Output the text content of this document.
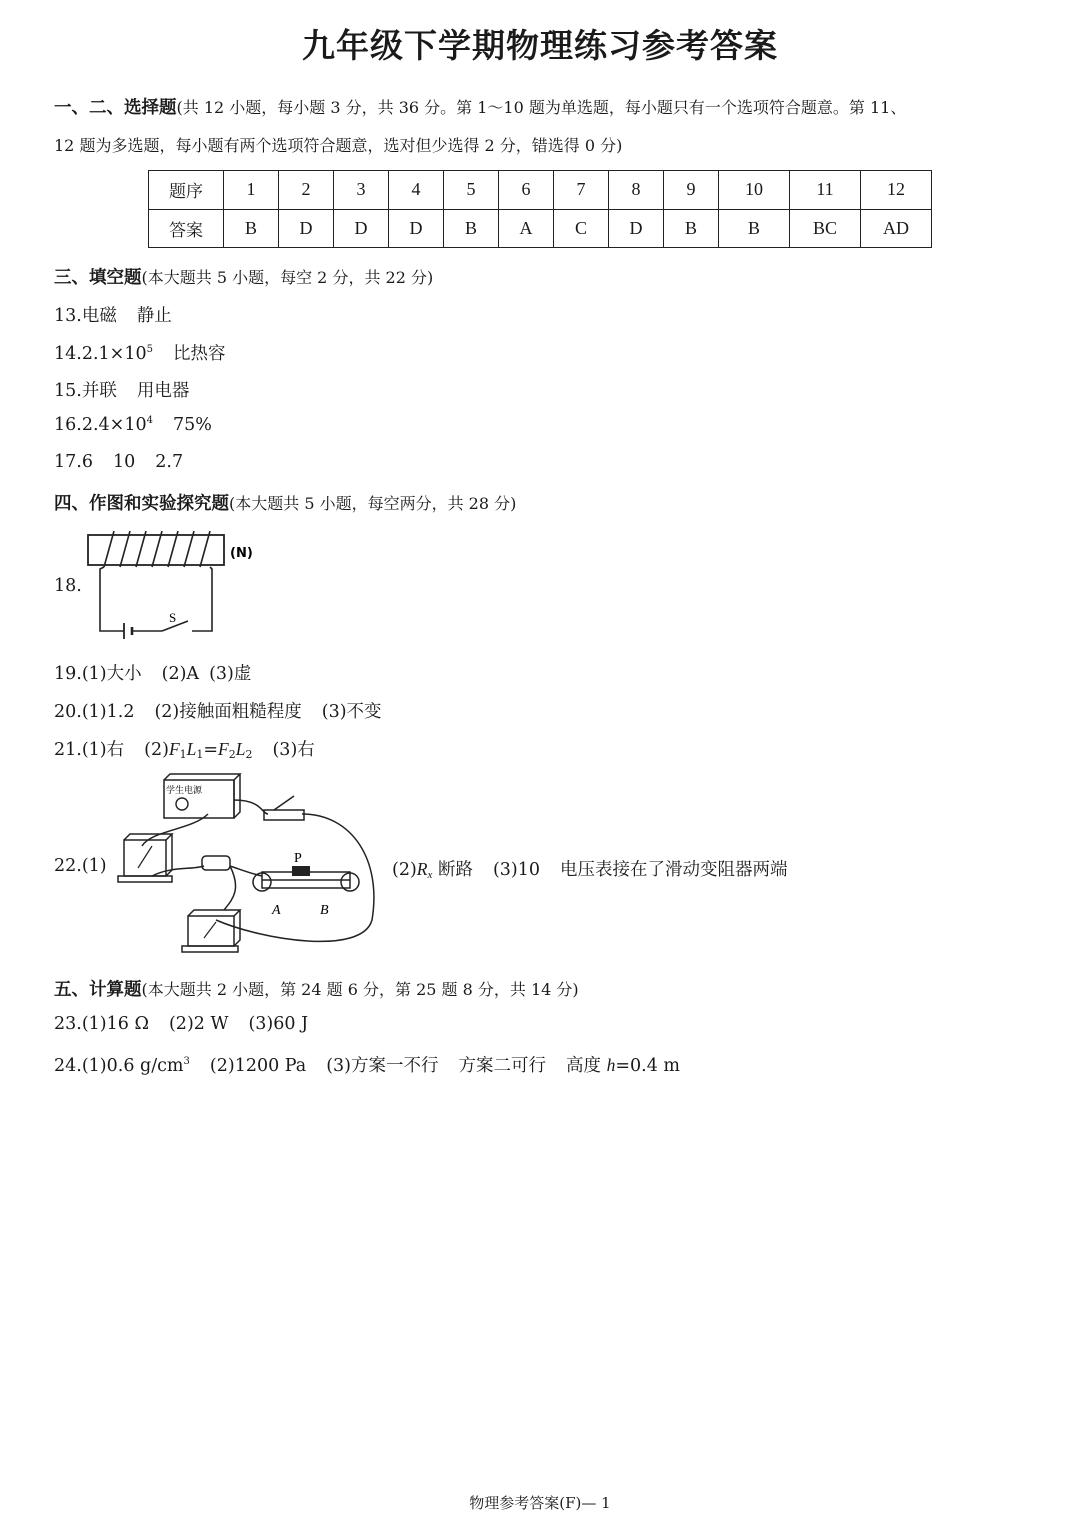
九年级下学期物理练习参考答案
一、二、选择题(共 12 小题，每小题 3 分，共 36 分。第 1～10 题为单选题，每小题只有一个选项符合题意。第 11、
12 题为多选题，每小题有两个选项符合题意，选对但少选得 2 分，错选得 0 分)
题序	1	2	3	4	5	6	7	8	9	10	11	12
答案	B	D	D	D	B	A	C	D	B	B	BC	AD
三、填空题(本大题共 5 小题，每空 2 分，共 22 分)
13.电磁 静止
$14.2.1\times 10^5$ 比热容
15.并联 用电器
$16.2.4\times 10^4$ 75%
17.6 10 2.7
四、作图和实验探究题(本大题共 5 小题，每空两分，共 28 分)
18.
S
(N)
19.(1)大小 (2)A (3)虚
20.(1)1.2 (2)接触面粗糙程度 (3)不变
21.(1)右 $(2)F_1L_1=F_2L_2$ (3)右
22.(1)
学生电源
P
A	B
$(2)R_x$ 断路 (3)10 电压表接在了滑动变阻器两端
五、计算题(本大题共 2 小题，第 24 题 6 分，第 25 题 8 分，共 14 分)
23.(1)16 Ω (2)2 W (3)60 J
24.(1)0.6 $g/cm^3$ (2)1200 Pa (3)方案一不行 方案二可行 高度 h=0.4 m
物理参考答案(F)— 1
